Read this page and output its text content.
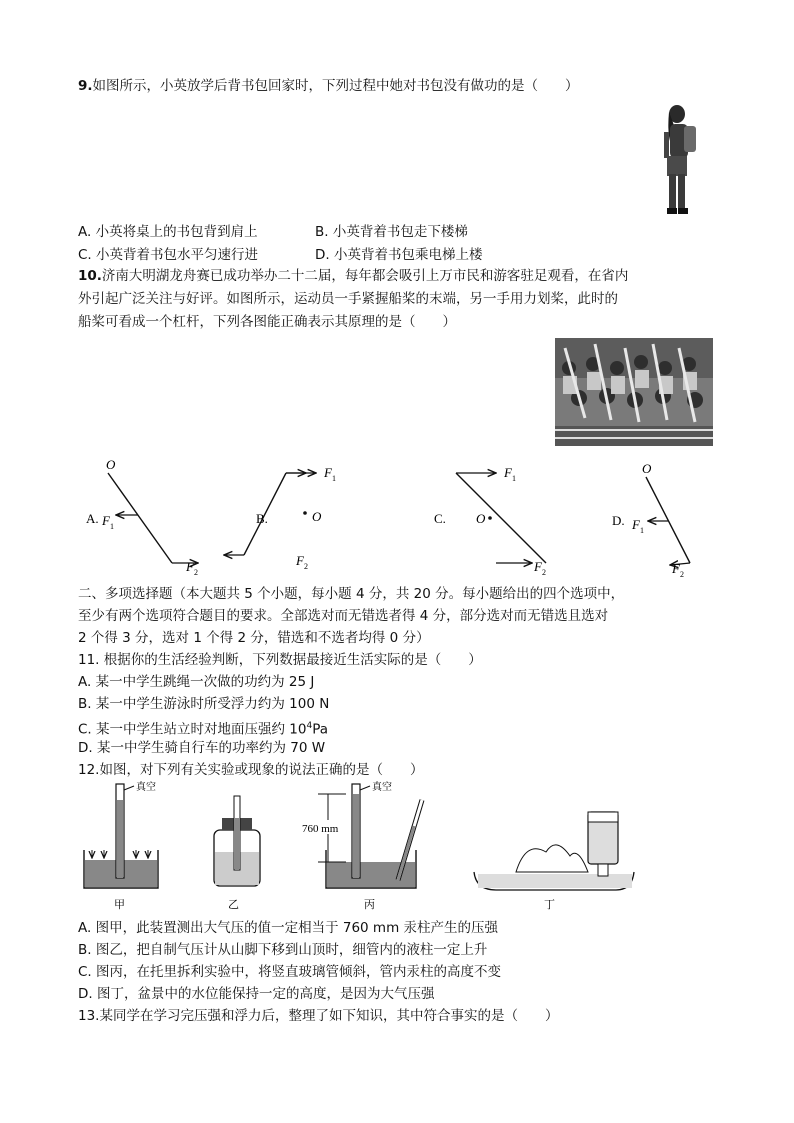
9.如图所示，小英放学后背书包回家时，下列过程中她对书包没有做功的是（　　）
A. 小英将桌上的书包背到肩上	B. 小英背着书包走下楼梯
C. 小英背着书包水平匀速行进	D. 小英背着书包乘电梯上楼
10.济南大明湖龙舟赛已成功举办二十二届，每年都会吸引上万市民和游客驻足观看，在省内
外引起广泛关注与好评。如图所示，运动员一手紧握船桨的末端，另一手用力划桨，此时的
船桨可看成一个杠杆，下列各图能正确表示其原理的是（　　）
A.
O
F 1
F 2
B.	O
F 1
F 2
C. O
F 1
F 2
D.
O
F 1
F 2
二、多项选择题（本大题共 5 个小题，每小题 4 分，共 20 分。每小题给出的四个选项中，
至少有两个选项符合题目的要求。全部选对而无错选者得 4 分，部分选对而无错选且选对
2 个得 3 分，选对 1 个得 2 分，错选和不选者均得 0 分）
11. 根据你的生活经验判断，下列数据最接近生活实际的是（　　）
A. 某一中学生跳绳一次做的功约为 25 J
B. 某一中学生游泳时所受浮力约为 100 N
C. 某一中学生站立时对地面压强约 $10^4Pa$
D. 某一中学生骑自行车的功率约为 70 W
12.如图，对下列有关实验或现象的说法正确的是（　　）
真空
甲	乙
760 mm
真空
丙	丁
A. 图甲，此装置测出大气压的值一定相当于 760 mm 汞柱产生的压强
B. 图乙，把自制气压计从山脚下移到山顶时，细管内的液柱一定上升
C. 图丙，在托里拆利实验中，将竖直玻璃管倾斜，管内汞柱的高度不变
D. 图丁，盆景中的水位能保持一定的高度，是因为大气压强
13.某同学在学习完压强和浮力后，整理了如下知识，其中符合事实的是（　　）
